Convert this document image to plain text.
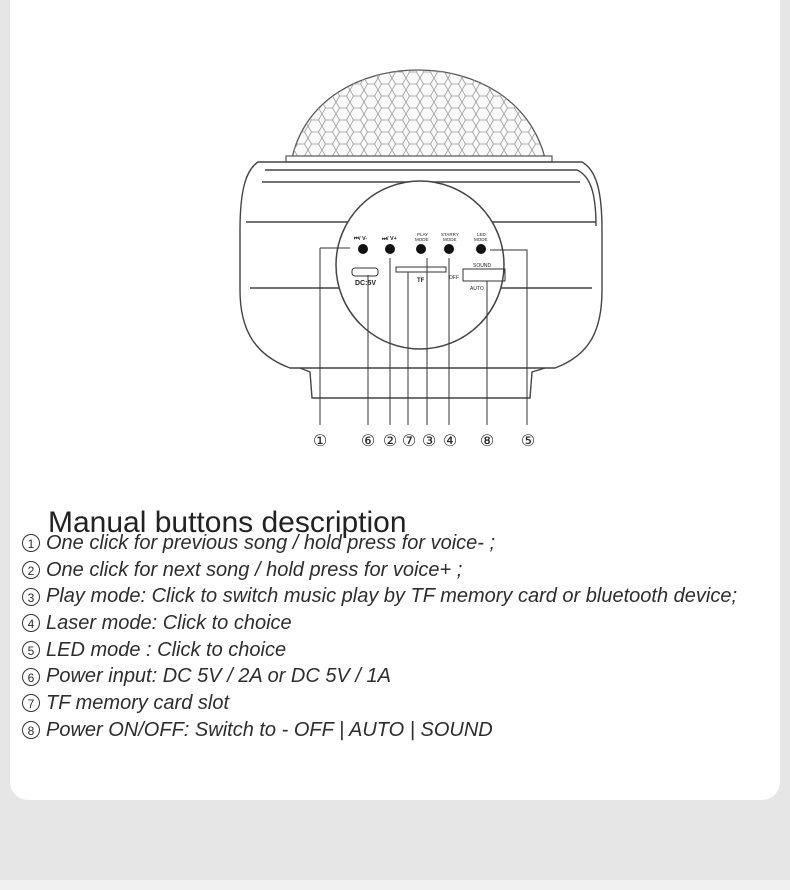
⏮/ V-	⏭/ V+
PLAY
MODE
STARRY
MODE
LED
MODE
DC:5V	TF
SOUND
OFF
AUTO
① ⑥ ② ⑦ ③ ④ ⑧ ⑤
Manual buttons description
1 One click for previous song / hold press for voice- ;
2 One click for next song / hold press for voice+ ;
3 Play mode: Click to switch music play by TF memory card or bluetooth device;
4 Laser mode: Click to choice
5 LED mode : Click to choice
6 Power input: DC 5V / 2A or DC 5V / 1A
7 TF memory card slot
8 Power ON/OFF: Switch to - OFF | AUTO | SOUND
